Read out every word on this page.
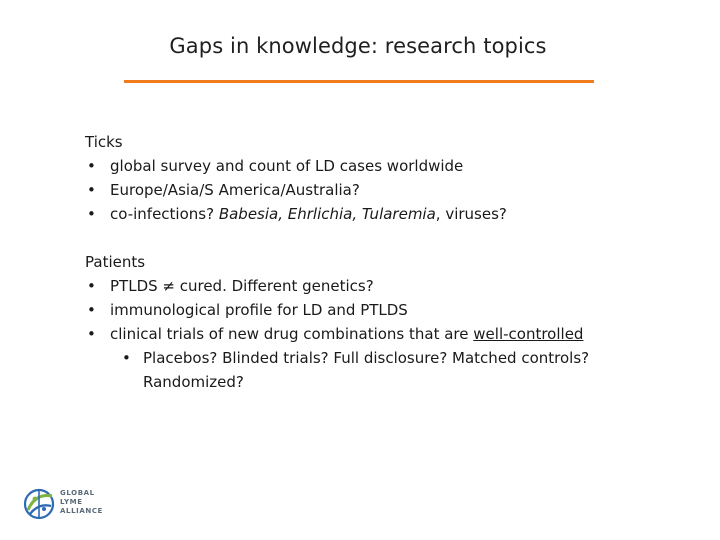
Gaps in knowledge: research topics

Ticks

• global survey and count of LD cases worldwide

• Europe/Asia/S America/Australia?

• co-infections? Babesia, Ehrlichia, Tularemia, viruses?

Patients

• PTLDS ≠ cured. Different genetics?

• immunological profile for LD and PTLDS

• clinical trials of new drug combinations that are well-controlled

• Placebos? Blinded trials? Full disclosure? Matched controls?
Randomized?

GLOBAL
LYME
ALLIANCE
